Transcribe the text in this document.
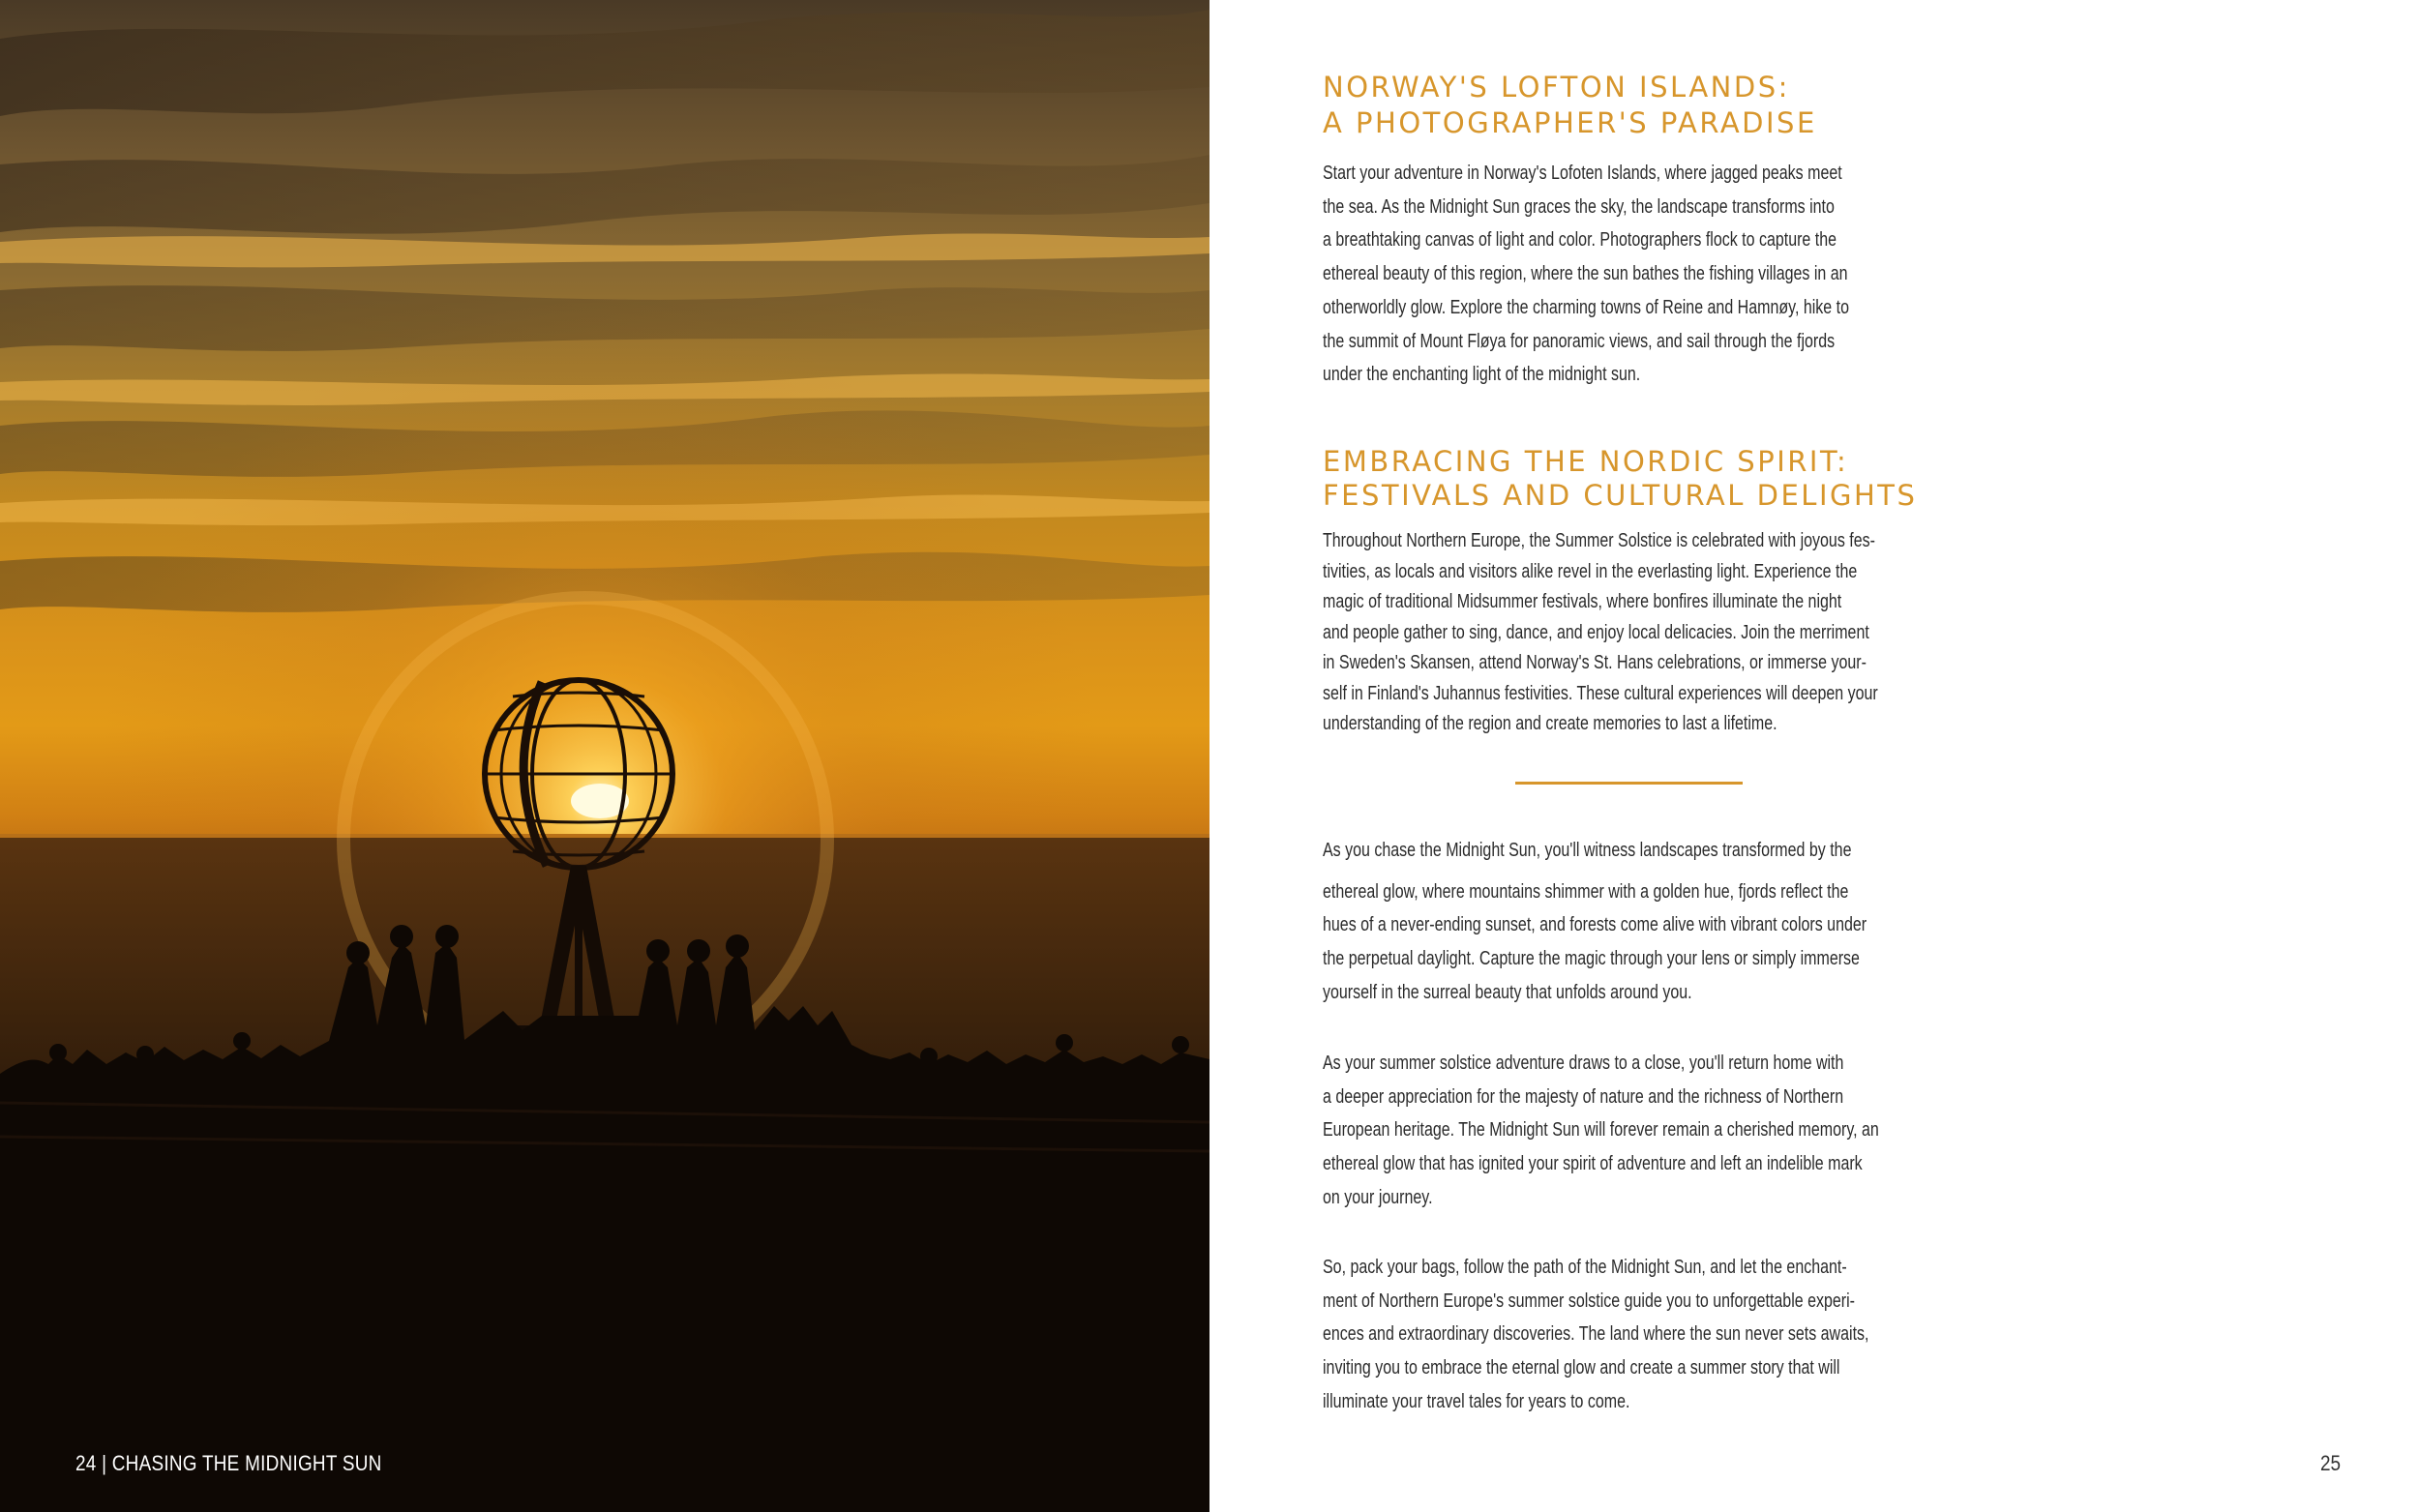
24 | CHASING THE MIDNIGHT SUN
NORWAY'S LOFTON ISLANDS:
A PHOTOGRAPHER'S PARADISE
Start your adventure in Norway's Lofoten Islands, where jagged peaks meet
the sea. As the Midnight Sun graces the sky, the landscape transforms into
a breathtaking canvas of light and color. Photographers flock to capture the
ethereal beauty of this region, where the sun bathes the fishing villages in an
otherworldly glow. Explore the charming towns of Reine and Hamnøy, hike to
the summit of Mount Fløya for panoramic views, and sail through the fjords
under the enchanting light of the midnight sun.
EMBRACING THE NORDIC SPIRIT:
FESTIVALS AND CULTURAL DELIGHTS
Throughout Northern Europe, the Summer Solstice is celebrated with joyous fes-
tivities, as locals and visitors alike revel in the everlasting light. Experience the
magic of traditional Midsummer festivals, where bonfires illuminate the night
and people gather to sing, dance, and enjoy local delicacies. Join the merriment
in Sweden's Skansen, attend Norway's St. Hans celebrations, or immerse your-
self in Finland's Juhannus festivities. These cultural experiences will deepen your
understanding of the region and create memories to last a lifetime.
As you chase the Midnight Sun, you'll witness landscapes transformed by the
ethereal glow, where mountains shimmer with a golden hue, fjords reflect the
hues of a never-ending sunset, and forests come alive with vibrant colors under
the perpetual daylight. Capture the magic through your lens or simply immerse
yourself in the surreal beauty that unfolds around you.
As your summer solstice adventure draws to a close, you'll return home with
a deeper appreciation for the majesty of nature and the richness of Northern
European heritage. The Midnight Sun will forever remain a cherished memory, an
ethereal glow that has ignited your spirit of adventure and left an indelible mark
on your journey.
So, pack your bags, follow the path of the Midnight Sun, and let the enchant-
ment of Northern Europe's summer solstice guide you to unforgettable experi-
ences and extraordinary discoveries. The land where the sun never sets awaits,
inviting you to embrace the eternal glow and create a summer story that will
illuminate your travel tales for years to come.
25
